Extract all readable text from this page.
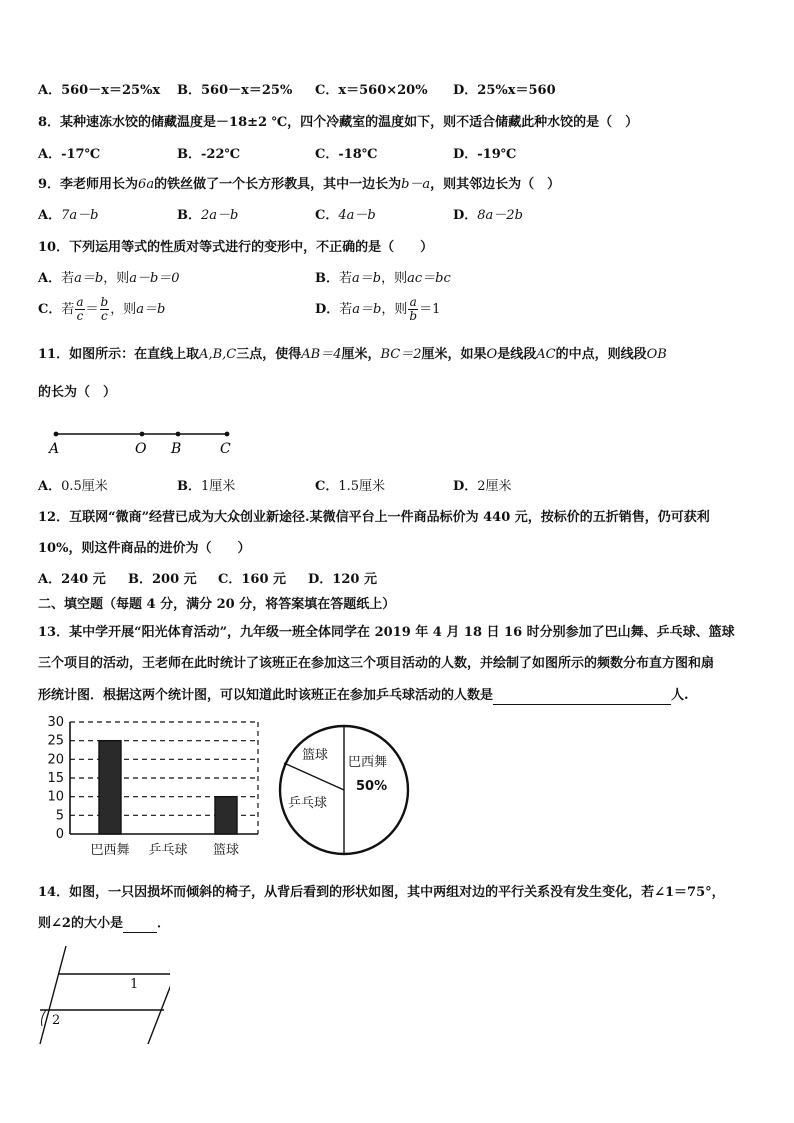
A．560－x＝25%x B．560－x＝25% C．x＝560×20% D．25%x＝560
8．某种速冻水饺的储藏温度是－18±2 ℃，四个冷藏室的温度如下，则不适合储藏此种水饺的是（　）
A．-17℃	B．-22℃	C．-18℃	D．-19℃
9．李老师用长为6a的铁丝做了一个长方形教具，其中一边长为b－a，则其邻边长为（　）
A．7a－b	B．2a－b	C．4a－b	D．8a－2b
10．下列运用等式的性质对等式进行的变形中，不正确的是（　　）
A．若a＝b，则a－b＝0	B．若a＝b，则ac＝bc
C．若 $\frac{a}{c} = \frac{b}{c}$ ，则a＝b	D．若a＝b，则 $\frac{a}{b} =1$
11．如图所示：在直线上取A,B,C三点，使得AB＝4厘米，BC＝2厘米，如果O是线段AC的中点，则线段OB
的长为（　）
A	O B	C
A．0.5厘米	B．1厘米	C．1.5厘米	D．2厘米
12．互联网“微商”经营已成为大众创业新途径.某微信平台上一件商品标价为 440 元，按标价的五折销售，仍可获利
10%，则这件商品的进价为（　　）
A．240 元 B．200 元 C．160 元 D．120 元
二、填空题（每题 4 分，满分 20 分，将答案填在答题纸上）
13．某中学开展“阳光体育活动”，九年级一班全体同学在 2019 年 4 月 18 日 16 时分别参加了巴山舞、乒乓球、篮球
三个项目的活动，王老师在此时统计了该班正在参加这三个项目活动的人数，并绘制了如图所示的频数分布直方图和扇
形统计图．根据这两个统计图，可以知道此时该班正在参加乒乓球活动的人数是	人.
0
5
10
15
20
25
30
巴西舞 乒乓球 篮球
篮球 巴西舞
乒乓球
50%
14．如图，一只因损坏而倾斜的椅子，从背后看到的形状如图，其中两组对边的平行关系没有发生变化，若∠1＝75°，
则∠2的大小是	．
1
2
